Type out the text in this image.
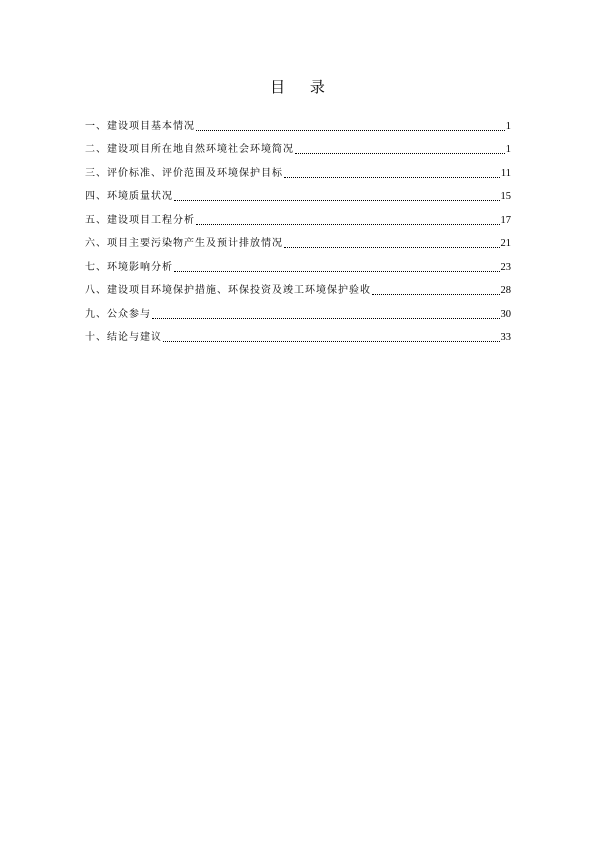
目 录
一、建设项目基本情况	1
二、建设项目所在地自然环境社会环境简况	1
三、评价标准、评价范围及环境保护目标	11
四、环境质量状况	15
五、建设项目工程分析	17
六、项目主要污染物产生及预计排放情况	21
七、环境影响分析	23
八、建设项目环境保护措施、环保投资及竣工环境保护验收	28
九、公众参与	30
十、结论与建议	33
